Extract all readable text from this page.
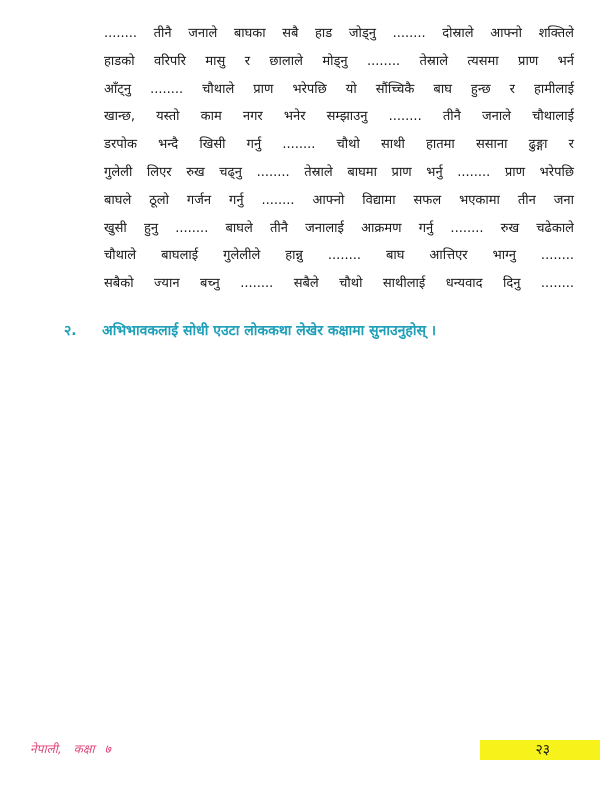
........ तीनै जनाले बाघका सबै हाड जोड्नु ........ दोस्राले आफ्नो शक्तिले
हाडको वरिपरि मासु र छालाले मोड्नु ........ तेस्राले त्यसमा प्राण भर्न
आँट्नु ........ चौथाले प्राण भरेपछि यो सौंच्चिकै बाघ हुन्छ र हामीलाई
खान्छ, यस्तो काम नगर भनेर सम्झाउनु ........ तीनै जनाले चौथालाई
डरपोक भन्दै खिसी गर्नु ........ चौथो साथी हातमा ससाना ढुङ्गा र
गुलेली लिएर रुख चढ्नु ........ तेस्राले बाघमा प्राण भर्नु ........ प्राण भरेपछि
बाघले ठूलो गर्जन गर्नु ........ आफ्नो विद्यामा सफल भएकामा तीन जना
खुसी हुनु ........ बाघले तीनै जनालाई आक्रमण गर्नु ........ रुख चढेकाले
चौथाले बाघलाई गुलेलीले हान्नु ........ बाघ आत्तिएर भाग्नु ........
सबैको ज्यान बच्नु ........ सबैले चौथो साथीलाई धन्यवाद दिनु ........
२. अभिभावकलाई सोधी एउटा लोककथा लेखेर कक्षामा सुनाउनुहोस् ।
नेपाली, कक्षा ७	२३
